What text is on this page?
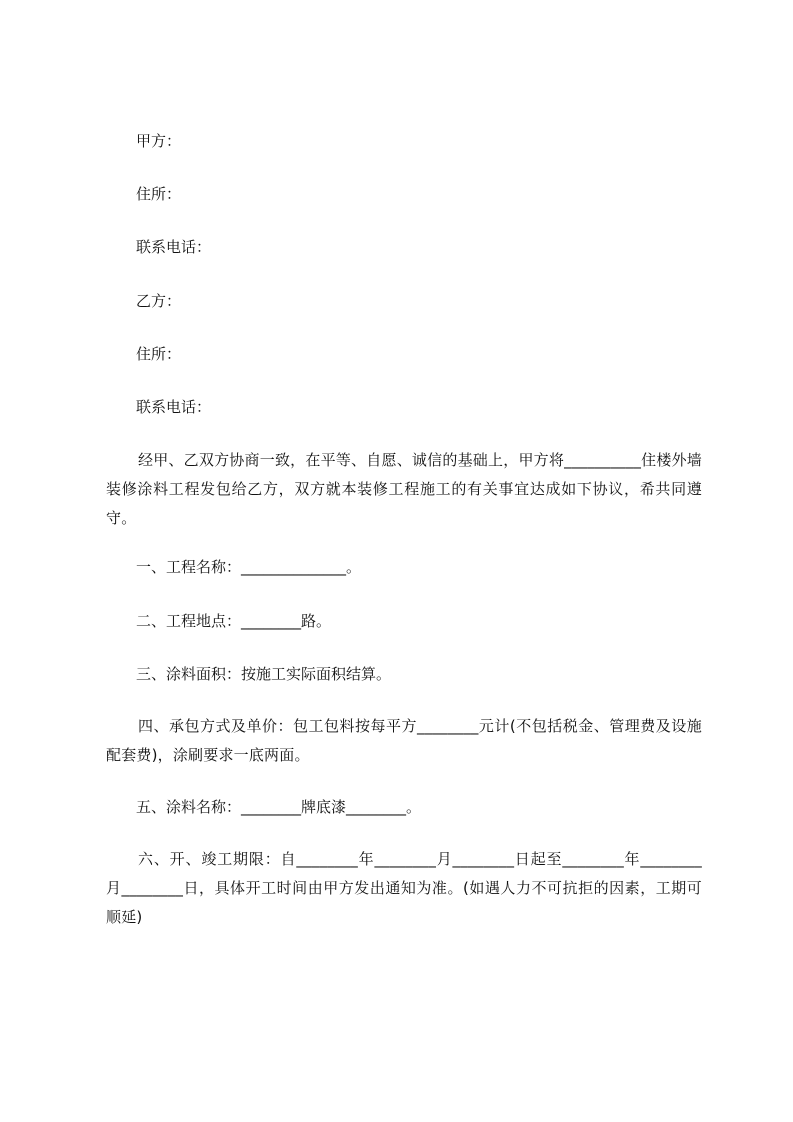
甲方：
住所：
联系电话：
乙方：
住所：
联系电话：
经甲、乙双方协商一致，在平等、自愿、诚信的基础上，甲方将__________住楼外墙装修涂料工程发包给乙方，双方就本装修工程施工的有关事宜达成如下协议，希共同遵守。
一、工程名称：______________。
二、工程地点：________路。
三、涂料面积：按施工实际面积结算。
四、承包方式及单价：包工包料按每平方________元计(不包括税金、管理费及设施配套费)，涂刷要求一底两面。
五、涂料名称：________牌底漆________。
六、开、竣工期限：自________年________月________日起至________年________月________日，具体开工时间由甲方发出通知为准。(如遇人力不可抗拒的因素，工期可顺延)
